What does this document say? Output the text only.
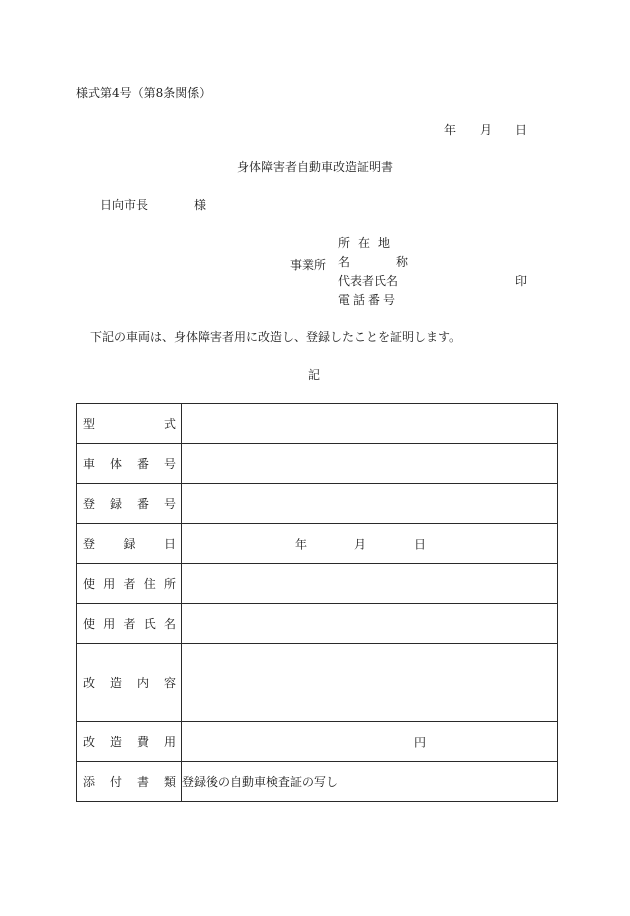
様式第4号（第8条関係）
年 月 日
身体障害者自動車改造証明書
日向市長	様
事業所
所在地
名	称
代表者氏名	印
電話番号
下記の車両は、身体障害者用に改造し、登録したことを証明します。
記
型 式	

車 体 番 号	

登 録 番 号	

登 録 日	年 月 日

使 用 者 住 所	

使 用 者 氏 名	

改 造 内 容	

改 造 費 用	円

添 付 書 類	登録後の自動車検査証の写し
